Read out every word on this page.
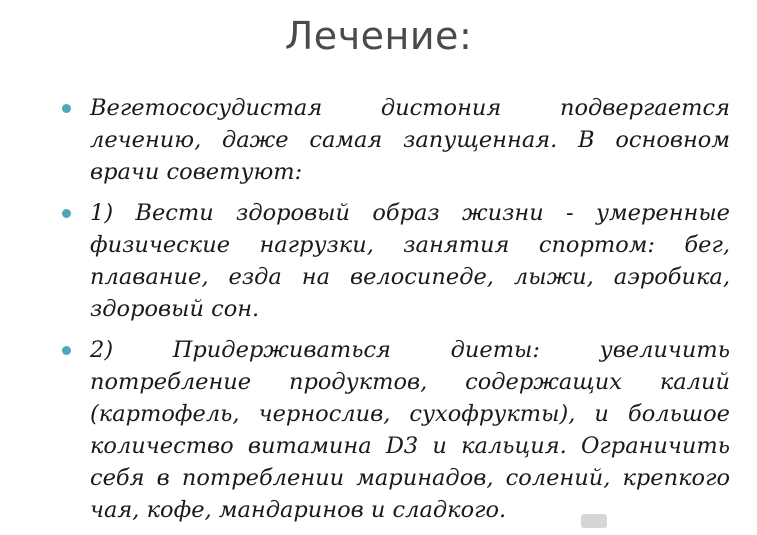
Лечение:
Вегетососудистая дистония подвергается лечению, даже самая запущенная. В основном врачи советуют:
1) Вести здоровый образ жизни - умеренные физические нагрузки, занятия спортом: бег, плавание, езда на велосипеде, лыжи, аэробика, здоровый сон.
2) Придерживаться диеты: увеличить потребление продуктов, содержащих калий (картофель, чернослив, сухофрукты), и большое количество витамина D3 и кальция. Ограничить себя в потреблении маринадов, солений, крепкого чая, кофе, мандаринов и сладкого.
